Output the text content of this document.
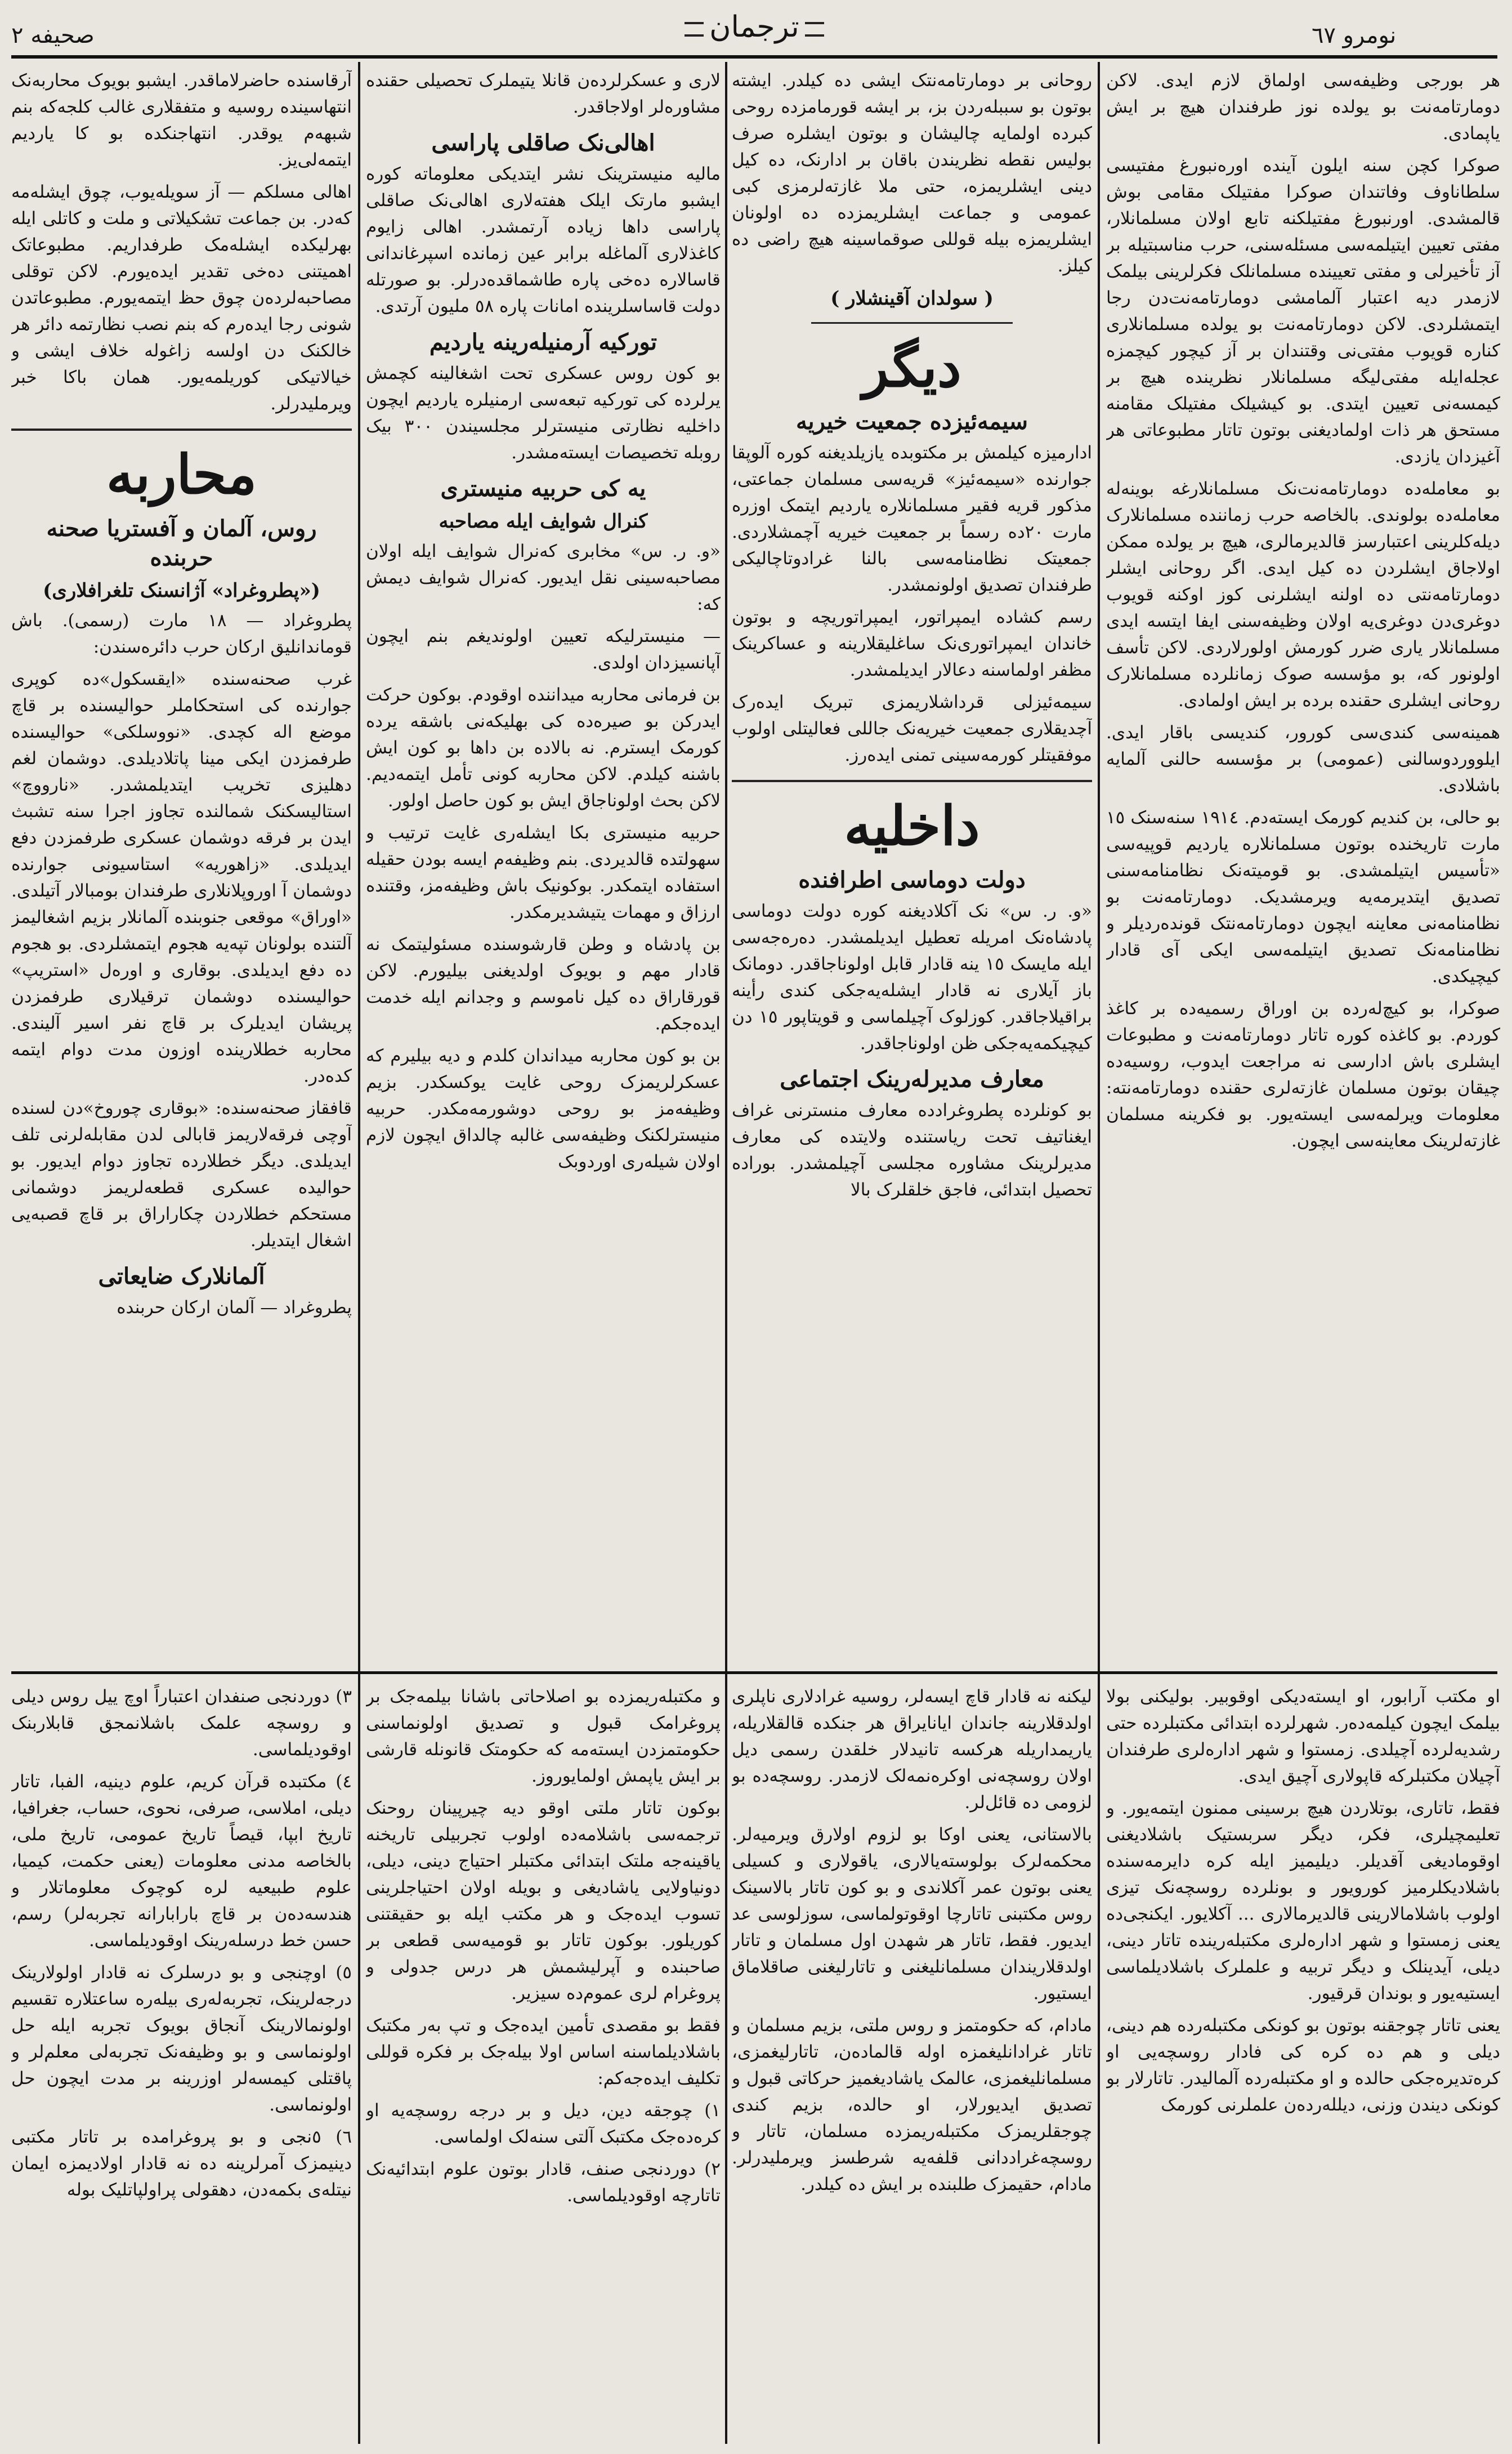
صحیفه ٢	ترجمان	نومرو ٦٧

هر بورجی وظیفه‌سی اولماق لازم ایدی. لاکن دومارتامه‌نت بو یولده نوز طرفندان هیچ بر ایش یاپمادی.

صوکرا کچن سنه ایلون آینده اوره‌نبورغ مفتیسی سلطاناوف وفاتندان صوکرا مفتیلک مقامی بوش قالمشدی. اورنبورغ مفتیلکنه تابع اولان مسلمانلار، مفتی تعیین ایتیلمه‌سی مسئله‌سنی، حرب مناسبتیله بر آز تأخیرلی و مفتی تعیینده مسلمانلک فکرلرینی بیلمک لازمدر دیه اعتبار آلمامشی دومارتامه‌نت‌دن رجا ایتمشلردی. لاکن دومارتامه‌نت بو یولده مسلمانلاری کناره قویوب مفتی‌نی وقتندان بر آز کیچور کیچمزه عجله‌ایله مفتی‌لیگه مسلمانلار نظرینده هیچ بر کیمسه‌نی تعیین ایتدی. بو کیشیلک مفتیلک مقامنه مستحق هر ذات اولمادیغنی بوتون تاتار مطبوعاتی هر آغیزدان یازدی.

بو معامله‌ده دومارتامه‌نت‌نک مسلمانلارغه بوینه‌له معامله‌ده بولوندی. بالخاصه حرب زماننده مسلمانلارک دیله‌کلرینی اعتبارسز قالدیرمالری، هیچ بر یولده ممکن اولاجاق ایشلردن ده کیل ایدی. اگر روحانی ایشلر دومارتامه‌نتی ده اولنه ایشلرنی کوز اوکنه قویوب دوغری‌دن دوغری‌یه اولان وظیفه‌سنی ایفا ایتسه ایدی مسلمانلار یاری ضرر کورمش اولورلاردی. لاکن تأسف اولونور که، بو مؤسسه صوک زمانلرده مسلمانلارک روحانی ایشلری حقنده برده بر ایش اولمادی.

همینه‌سی کندی‌سی کورور، کندیسی باقار ایدی. ایلووردوسالنی (عمومی) بر مؤسسه حالنی آلمایه باشلادی.

بو حالی، بن کندیم کورمک ایسته‌دم. ١٩١٤ سنه‌سنک ١٥ مارت تاریخنده بوتون مسلمانلاره یاردیم قوپیه‌سی «تأسیس ایتیلمشدی. بو قومیته‌نک نظامنامه‌سنی تصدیق ایتدیرمه‌یه ویرمشدیک. دومارتامه‌نت بو نظامنامه‌نی معاینه ایچون دومارتامه‌نتک قونده‌ردیلر و نظامنامه‌نک تصدیق ایتیلمه‌سی ایکی آی قادار کیچیکدی.

صوکرا، بو کیچ‌له‌رده بن اوراق رسمیه‌ده بر کاغذ کوردم. بو کاغذه کوره تاتار دومارتامه‌نت و مطبوعات ایشلری باش ادارسی نه مراجعت ایدوب، روسیه‌ده چیقان بوتون مسلمان غازته‌لری حقنده دومارتامه‌نته: معلومات ویرلمه‌سی ایسته‌یور. بو فکرینه مسلمان غازته‌لرینک معاینه‌سی ایچون.

روحانی بر دومارتامه‌نتک ایشی ده کیلدر. ایشته بوتون بو سببله‌ردن بز، بر ایشه قورمامزده روحی کبرده اولمایه چالیشان و بوتون ایشلره صرف بولیس نقطه نظریندن باقان بر ادارنک، ده کیل دینی ایشلریمزه، حتی ملا غازته‌لرمزی کبی عمومی و جماعت ایشلریمزده ده اولونان ایشلریمزه بیله قوللی صوقماسینه هیچ راضی ده کیلز.

( سولدان آقینشلار )
دیگر
سیمه‌ئیزده جمعیت خیریه

ادارمیزه کیلمش بر مکتوبده یازیلدیغنه کوره آلوپقا جوارنده «سیمه‌ئیز» قریه‌سی مسلمان جماعتی، مذکور قریه فقیر مسلمانلاره یاردیم ایتمک اوزره مارت ٢٠ده رسماً بر جمعیت خیریه آچمشلاردی. جمعیتک نظامنامه‌سی بالنا غرادوتاچالیکی طرفندان تصدیق اولونمشدر.

رسم کشاده ایمپراتور، ایمپراتوریچه و بوتون خاندان ایمپراتوری‌نک ساغلیقلارینه و عساکرینک مظفر اولماسنه دعالار ایدیلمشدر.

سیمه‌ئیزلی قرداشلاریمزی تبریک ایده‌رک آچدیقلاری جمعیت خیریه‌نک جاللی فعالیتلی اولوب موفقیتلر کورمه‌سینی تمنی ایده‌رز.

داخلیه
دولت دوماسی اطرافنده

«و. ر. س» نک آکلادیغنه کوره دولت دوماسی پادشاه‌نک امریله تعطیل ایدیلمشدر. ده‌ره‌جه‌سی ایله مایسک ١٥ ینه قادار قابل اولوناجاقدر. دومانک باز آیلاری نه قادار ایشله‌یه‌جکی کندی رأینه براقیلاجاقدر. کوزلوک آچیلماسی و قویتاپور ١٥ دن کیچیکمه‌یه‌جکی ظن اولوناجاقدر.

معارف مدیرله‌رینک اجتماعی

بو کونلرده پطروغرادده معارف منسترنی غراف ایغناتیف تحت ریاستنده ولایتده کی معارف مدیرلرینک مشاوره مجلسی آچیلمشدر. بوراده تحصیل ابتدائی، فاجق خلقلرک بالا

لاری و عسکرلرده‌ن قانلا یتیملرک تحصیلی حقنده مشاوره‌لر اولاجاقدر.

اهالی‌نک صاقلی پاراسی

مالیه منیسترینک نشر ایتدیکی معلوماته کوره ایشبو مارتک ایلک هفته‌لاری اهالی‌نک صاقلی پاراسی داها زیاده آرتمشدر. اهالی زایوم کاغذلاری آلماغله برابر عین زمانده اسپرغاندانی قاسالاره ده‌خی پاره طاشماقده‌درلر. بو صورتله دولت قاساسلرینده امانات پاره ٥٨ ملیون آرتدی.

تورکیه آرمنیله‌رینه یاردیم

بو کون روس عسکری تحت اشغالینه کچمش یرلرده کی تورکیه تبعه‌سی ارمنیلره یاردیم ایچون داخلیه نظارتی منیسترلر مجلسیندن ٣٠٠ بیک روبله تخصیصات ایسته‌مشدر.

یه کی حربیه منیستری
کنرال شوایف ایله مصاحبه

«و. ر. س» مخابری که‌نرال شوایف ایله اولان مصاحبه‌سینی نقل ایدیور. که‌نرال شوایف دیمش که:

— منیسترلیکه تعیین اولوندیغم بنم ایچون آپانسیزدان اولدی.

بن فرمانی محاربه میداننده اوقودم. بوکون حرکت ایدرکن بو صیره‌ده کی بهلیکه‌نی باشقه یرده کورمک ایسترم. نه بالاده بن داها بو کون ایش باشنه کیلدم. لاکن محاربه کونی تأمل ایتمه‌دیم. لاکن بحث اولونا‌جاق ایش بو کون حاصل اولور.

حربیه منیستری بکا ایشله‌ری غایت ترتیب و سهولتده قالدیردی. بنم وظیفه‌م ایسه بودن حقیله استفاده ایتمکدر. بوکونیک باش وظیفه‌مز، وقتنده ارزاق و مهمات یتیشدیرمکدر.

بن پادشاه و وطن قارشوسنده مسئولیتمک نه قادار مهم و بویوک اولدیغنی بیلیورم. لاکن قورقاراق ده کیل ناموسم و وجدانم ایله خدمت ایده‌جکم.

بن بو کون محاربه میداندان کلدم و دیه بیلیرم که عسکرلریمزک روحی غایت یوکسکدر. بزیم وظیفه‌مز بو روحی دوشورمه‌مکدر. حربیه منیسترلکنک وظیفه‌سی غالبه چالداق ایچون لازم اولان شیله‌ری اوردوبک

آرقاسنده حاضرلاماقدر. ایشبو بویوک محاربه‌نک انتهاسینده روسیه و متفقلاری غالب کلجه‌که بنم شبهه‌م یوقدر. انتهاجنکده بو کا یاردیم ایتمه‌لی‌یز.

اهالی مسلکم — آز سویله‌یوب، چوق ایشله‌مه که‌در. بن جماعت تشکیلاتی و ملت و کاتلی ایله بهرلیکده ایشله‌مک طرفداریم. مطبوعاتک اهمیتنی ده‌خی تقدیر ایده‌یورم. لاکن توقلی مصاحبه‌لرده‌ن چوق حظ ایتمه‌یورم. مطبوعاتدن شونی رجا ایده‌رم که بنم نصب نظارتمه دائر هر خالکنک دن اولسه زاغوله خلاف ایشی و خیالاتیکی کوریلمه‌یور. همان باکا خبر ویرملیدرلر.

محاربه
روس، آلمان و آفستریا صحنه حربنده
(«پطروغراد» آژانسنک تلغرافلاری)

پطروغراد — ١٨ مارت (رسمی). باش قوماندانلیق ارکان حرب دائره‌سندن:

غرب صحنه‌سنده «ایقسکول»ده کوپری جوارنده کی استحکاملر حوالیسنده بر قاچ موضع اله کچدی. «نووسلکی» حوالیسنده طرفمزدن ایکی مینا پاتلادیلدی. دوشمان لغم دهلیزی تخریب ایتدیلمشدر. «نارووچ» استالیسکنک شمالنده تجاوز اجرا سنه تشبث ایدن بر فرقه دوشمان عسکری طرفمزدن دفع ایدیلدی. «زاهوریه» استاسیونی جوارنده دوشمان آ اوروپلانلاری طرفندان بومبالار آتیلدی. «اوراق» موقعی جنوبنده آلمانلار بزیم اشغالیمز آلتنده بولونان تپه‌یه هجوم ایتمشلردی. بو هجوم ده دفع ایدیلدی. بوقاری و اوره‌ل «استریپ» حوالیسنده دوشمان ترقیلاری طرفمزدن پریشان ایدیلرک بر قاچ نفر اسیر آلیندی. محاربه خطلارینده اوزون مدت دوام ایتمه کده‌در.

قافقاز صحنه‌سنده: «بوقاری چوروخ»دن لسنده آوچی فرقه‌لاریمز قابالی لدن مقابله‌لرنی تلف ایدیلدی. دیگر خطلارده تجاوز دوام ایدیور. بو حوالیده عسکری قطعه‌لریمز دوشمانی مستحکم خطلاردن چکاراراق بر قاچ قصبه‌یی اشغال ایتدیلر.

آلمانلارک ضایعاتی

پطروغراد — آلمان ارکان حربنده

او مکتب آرابور، او ایسته‌دیکی اوقوبیر. بولیکنی بولا بیلمک ایچون کیلمه‌ده‌ر. شهرلرده ابتدائی مکتبلرده حتی رشدیه‌لرده آچیلدی. زمستوا و شهر اداره‌لری طرفندان آچیلان مکتبلرکه قاپولاری آچیق ایدی.

فقط، تاتاری، بوتلاردن هیچ برسینی ممنون ایتمه‌یور. و تعلیمچیلری، فکر، دیگر سربستیک باشلادیغنی اوقومادیغی آقدیلر. دیلیمیز ایله کره دایرمه‌سنده باشلادیکلرمیز کورویور و بونلرده روسچه‌نک تیزی اولوب باشلامالارینی قالدیرمالاری ... آکلایور. ایکنجی‌ده یعنی زمستوا و شهر اداره‌لری مکتبله‌رینده تاتار دینی، دیلی، آیدینلک و دیگر تربیه و علملرک باشلادیلماسی ایستیه‌یور و بوندان قرقیور.

یعنی تاتار چوجقنه بوتون بو کونکی مکتبله‌رده هم دینی، دیلی و هم ده کره کی فادار روسچه‌یی او کره‌تدیره‌جکی حالده و او مکتبله‌رده آلمالیدر. تاتارلار بو کونکی دیندن وزنی، دیلله‌رده‌ن علملرنی کورمک

لیکنه نه قادار قاچ ایسه‌لر، روسیه غرادلاری ناپلری اولدقلارینه جاندان ایانایراق هر جنکده قالقلاریله، یاریمداریله هرکسه تانیدلار خلقدن رسمی دیل اولان روسچه‌نی اوکره‌نمه‌لک لازمدر. روسچه‌ده بو لزومی ده قائل‌لر.

بالاستانی، یعنی اوکا بو لزوم اولارق ویرمیه‌لر. محکمه‌لرک بولوسته‌یالاری، یاقولاری و کسیلی یعنی بوتون عمر آکلاندی و بو کون تاتار بالاسینک روس مکتبنی تاتارچا اوقوتولماسی، سوزلوسی عد ایدیور. فقط، تاتار هر شهدن اول مسلمان و تاتار اولدقلاریندان مسلمانلیغنی و تاتارلیغنی صاقلاماق ایستیور.

مادام، که حکومتمز و روس ملتی، بزیم مسلمان و تاتار غرادانلیغمزه اوله قالماده‌ن، تاتارلیغمزی، مسلمانلیغمزی، عالمک یاشادیغمیز حرکاتی قبول و تصدیق ایدیورلار، او حالده، بزیم کندی چوجقلریمزک مکتبله‌ریمزده مسلمان، تاتار و روسچه‌غراددانی قلفه‌یه شرطسز ویرملیدرلر. مادام، حقیمزک طلبنده بر ایش ده کیلدر.

و مکتبله‌ریمزده بو اصلاحاتی باشانا بیلمه‌جک بر پروغرامک قبول و تصدیق اولونماسنی حکومتمزدن ایسته‌مه که حکومتک قانونله قارشی بر ایش یاپمش اولمایوروز.

بوکون تاتار ملتی اوقو دیه چیرپینان روحنک ترجمه‌سی باشلامه‌ده اولوب تجربیلی تاریخنه یاقینه‌جه ملتک ابتدائی مکتبلر احتیاج دینی، دیلی، دونیاولایی یاشادیغی و بویله اولان احتیاجلرینی تسوب ایده‌جک و هر مکتب ایله بو حقیقتنی کوریلور. بوکون تاتار بو قومیه‌سی قطعی بر صاحبنده و آپرلیشمش هر درس جدولی و پروغرام لری عموم‌ده سیزیر.

فقط بو مقصدی تأمین ایده‌جک و تپ به‌ر مکتبک باشلادیلماسنه اساس اولا بیله‌جک بر فکره قوللی تکلیف ایده‌جه‌کم:

١) چوجقه دین، دیل و بر درجه روسچه‌یه او کره‌ده‌جک مکتبک آلتی سنه‌لک اولماسی.

٢) دوردنجی صنف، قادار بوتون علوم ابتدائیه‌نک تاتارچه اوقودیلماسی.

٣) دوردنجی صنفدان اعتباراً اوچ ییل روس دیلی و روسچه علمک باشلانمجق قابلاربنک اوقودیلماسی.

٤) مکتبده قرآن کریم، علوم دینیه، الفبا، تاتار دیلی، املاسی، صرفی، نحوی، حساب، جغرافیا، تاریخ ابپا، قیصاً تاریخ عمومی، تاریخ ملی، بالخاصه مدنی معلومات (یعنی حکمت، کیمیا، علوم طبیعیه لره کوچوک معلوماتلار و هندسه‌ده‌ن بر قاچ بارابارانه تجربه‌لر) رسم، حسن خط درسله‌رینک اوقودیلماسی.

٥) اوچنجی و بو درسلرک نه قادار اولولارینک درجه‌لرینک، تجربه‌له‌ری بیله‌ره ساعتلاره تقسیم اولونمالارینک آنجاق بویوک تجربه ایله حل اولونماسی و بو وظیفه‌نک تجربه‌لی معلم‌لر و پاقتلی کیمسه‌لر اوزرینه بر مدت ایچون حل اولونماسی.

٦) ٥نجی و بو پروغرامده بر تاتار مکتبی دینیمزک آمرلرینه ده نه قادار اولادیمزه ایمان نیتله‌ی بکمه‌دن، دهقولی پراولپاتلیک بوله
